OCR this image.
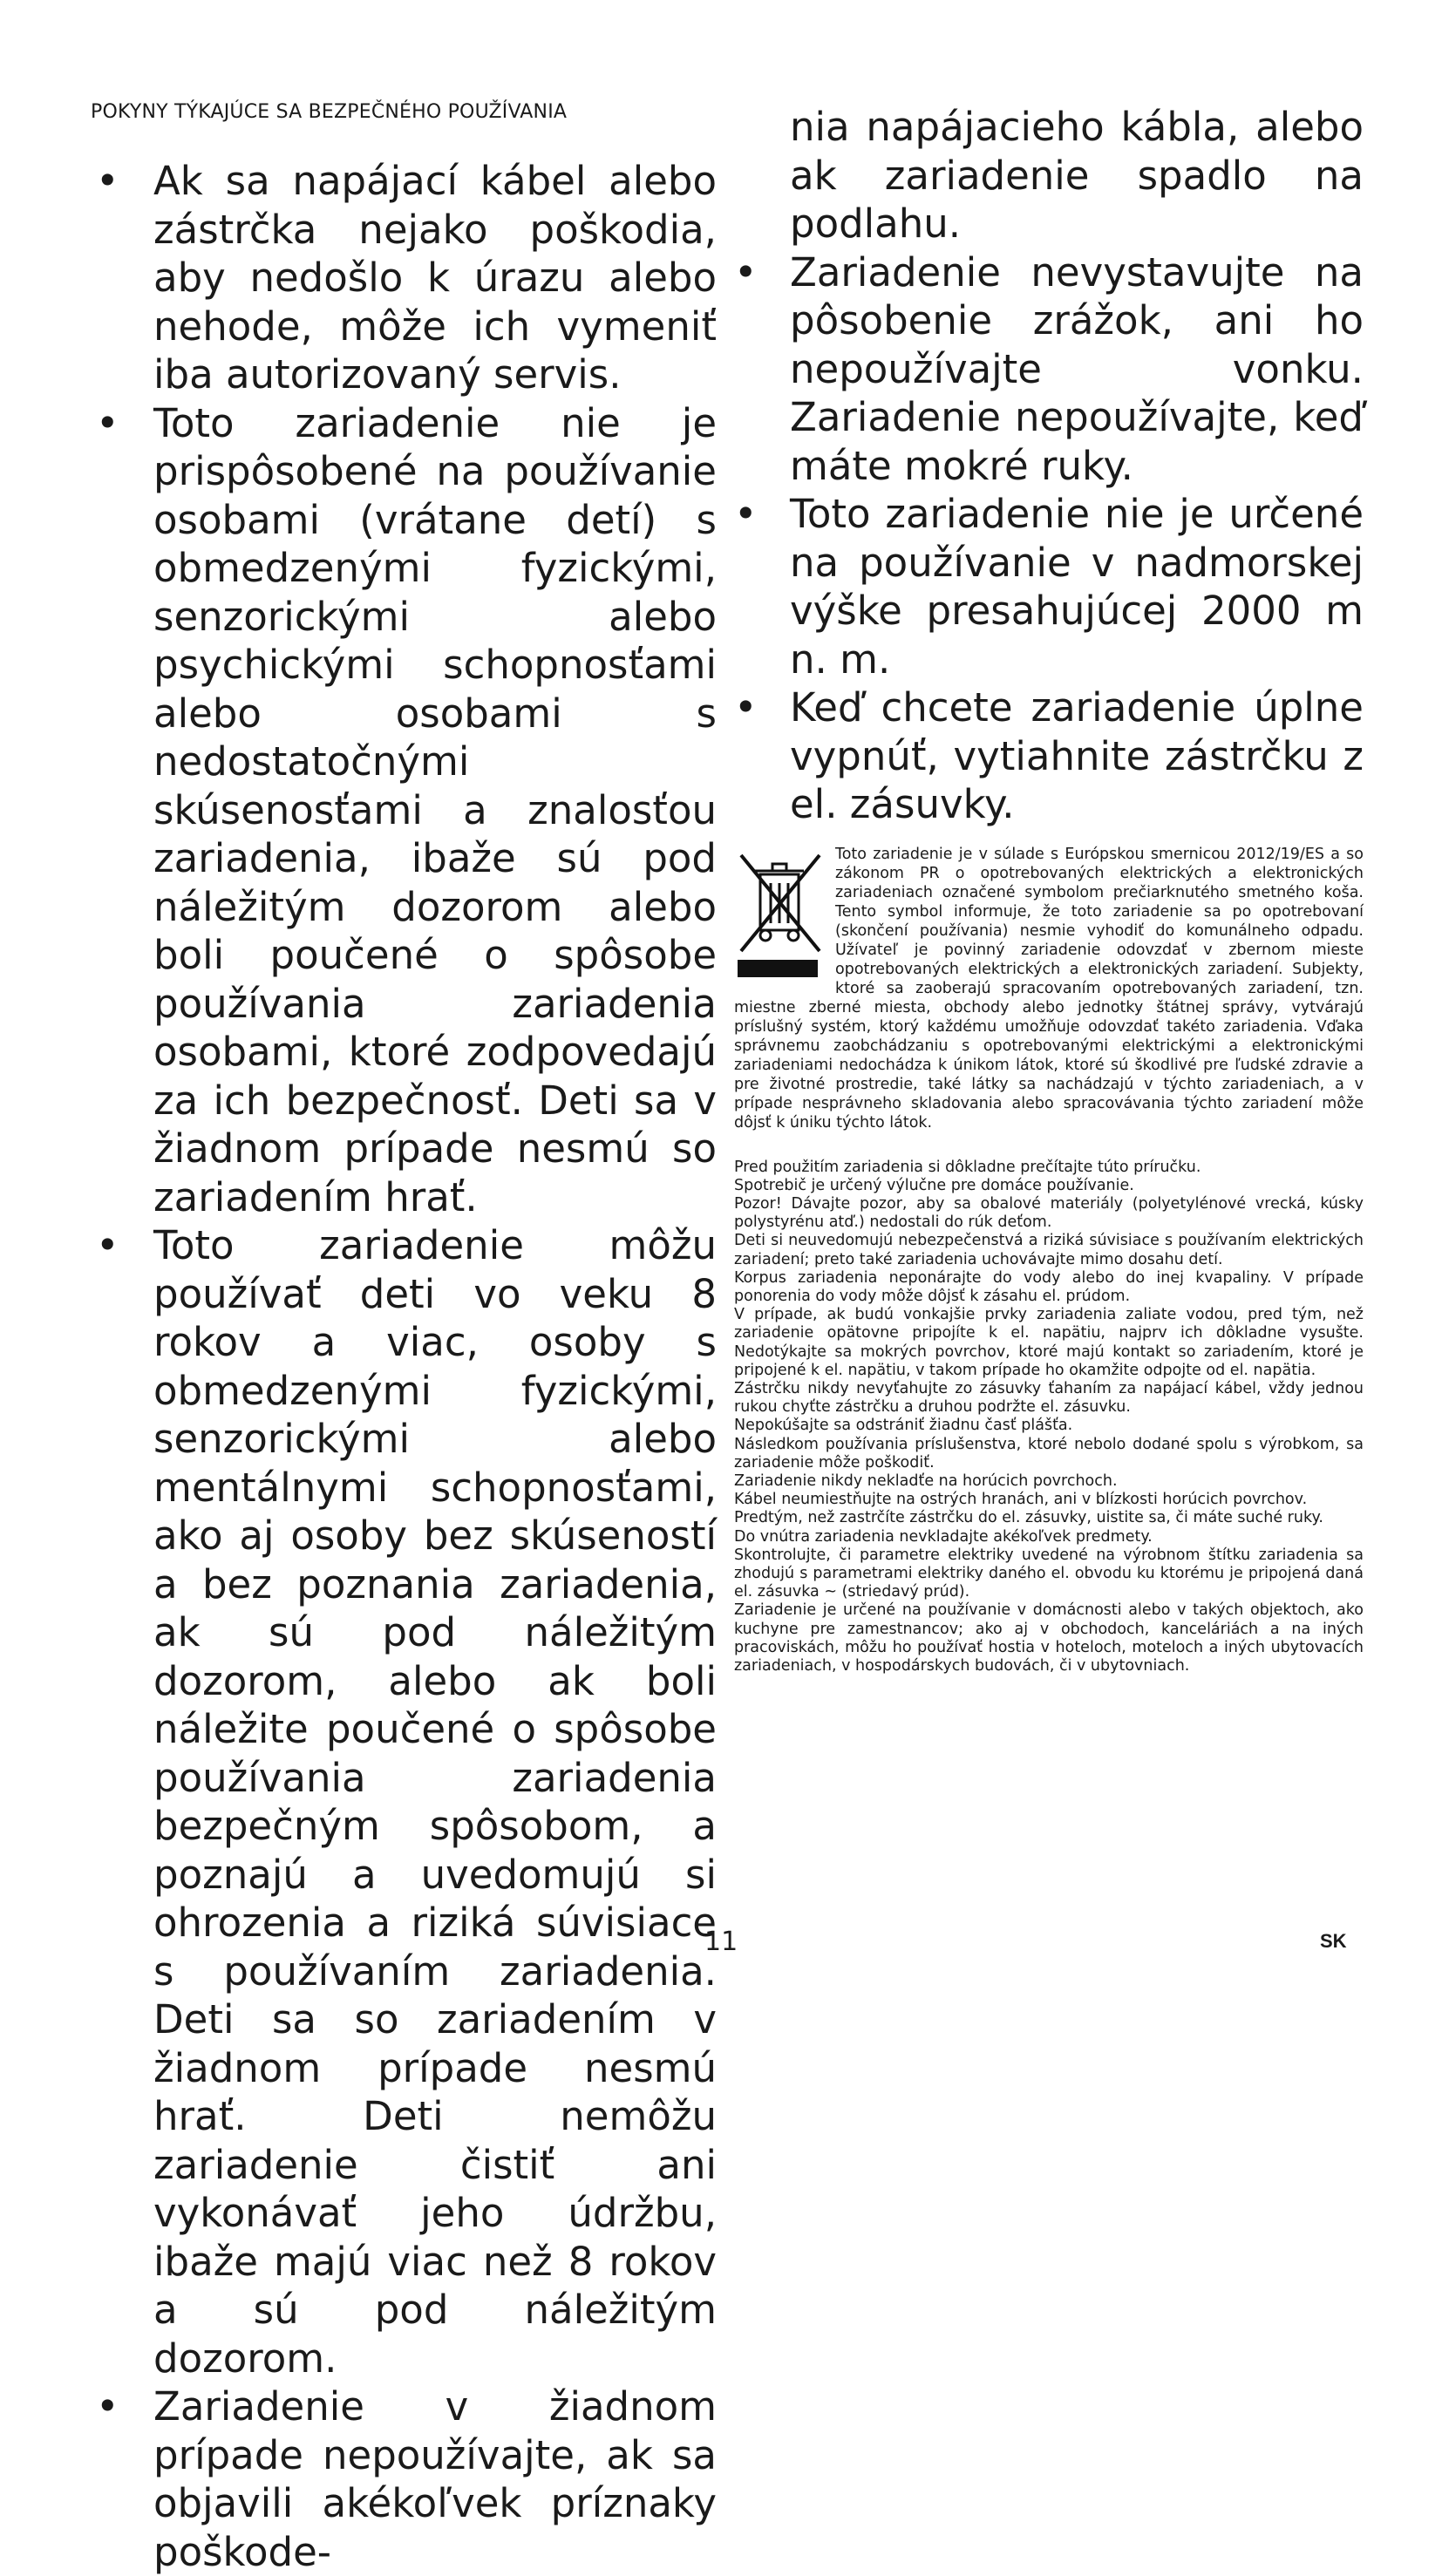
POKYNY TÝKAJÚCE SA BEZPEČNÉHO POUŽÍVANIA
• Ak sa napájací kábel alebo zástrčka nejako poškodia, aby nedošlo k úrazu alebo nehode, môže ich vymeniť iba autorizovaný servis.
• Toto zariadenie nie je prispôsobené na používanie osobami (vrátane detí) s obmedzenými fyzickými, senzorickými alebo psychickými schopnosťami alebo osobami s nedostatočnými skúsenosťami a znalosťou zariadenia, ibaže sú pod náležitým dozorom alebo boli poučené o spôsobe používania zariadenia osobami, ktoré zodpovedajú za ich bezpečnosť. Deti sa v žiadnom prípade nesmú so zariadením hrať.
• Toto zariadenie môžu používať deti vo veku 8 rokov a viac, osoby s obmedzenými fyzickými, senzorickými alebo mentálnymi schopnosťami, ako aj osoby bez skúseností a bez poznania zariadenia, ak sú pod náležitým dozorom, alebo ak boli náležite poučené o spôsobe používania zariadenia bezpečným spôsobom, a poznajú a uvedomujú si ohrozenia a riziká súvisiace s používaním zariadenia. Deti sa so zariadením v žiadnom prípade nesmú hrať. Deti nemôžu zariadenie čistiť ani vykonávať jeho údržbu, ibaže majú viac než 8 rokov a sú pod náležitým dozorom.
• Zariadenie v žiadnom prípade nepoužívajte, ak sa objavili akékoľvek príznaky poškode-
nia napájacieho kábla, alebo ak zariadenie spadlo na podlahu.
• Zariadenie nevystavujte na pôsobenie zrážok, ani ho nepoužívajte vonku. Zariadenie nepoužívajte, keď máte mokré ruky.
• Toto zariadenie nie je určené na používanie v nadmorskej výške presahujúcej 2000 m n. m.
• Keď chcete zariadenie úplne vypnúť, vytiahnite zástrčku z el. zásuvky.

Toto zariadenie je v súlade s Európskou smernicou 2012/19/ES a so zákonom PR o opotrebovaných elektrických a elektronických zariadeniach označené symbolom prečiarknutého smetného koša. Tento symbol informuje, že toto zariadenie sa po opotrebovaní (skončení používania) nesmie vyhodiť do komunálneho odpadu. Užívateľ je povinný zariadenie odovzdať v zbernom mieste opotrebovaných elektrických a elektronických zariadení. Subjekty, ktoré sa zaoberajú spracovaním opotrebovaných zariadení, tzn. miestne zberné miesta, obchody alebo jednotky štátnej správy, vytvárajú príslušný systém, ktorý každému umožňuje odovzdať takéto zariadenia. Vďaka správnemu zaobchádzaniu s opotrebovanými elektrickými a elektronickými zariadeniami nedochádza k únikom látok, ktoré sú škodlivé pre ľudské zdravie a pre životné prostredie, také látky sa nachádzajú v týchto zariadeniach, a v prípade nesprávneho skladovania alebo spracovávania týchto zariadení môže dôjsť k úniku týchto látok.

Pred použitím zariadenia si dôkladne prečítajte túto príručku.

Spotrebič je určený výlučne pre domáce používanie.

Pozor! Dávajte pozor, aby sa obalové materiály (polyetylénové vrecká, kúsky polystyrénu atď.) nedostali do rúk deťom.

Deti si neuvedomujú nebezpečenstvá a riziká súvisiace s používaním elektrických zariadení; preto také zariadenia uchovávajte mimo dosahu detí.

Korpus zariadenia neponárajte do vody alebo do inej kvapaliny. V prípade ponorenia do vody môže dôjsť k zásahu el. prúdom.

V prípade, ak budú vonkajšie prvky zariadenia zaliate vodou, pred tým, než zariadenie opätovne pripojíte k el. napätiu, najprv ich dôkladne vysušte. Nedotýkajte sa mokrých povrchov, ktoré majú kontakt so zariadením, ktoré je pripojené k el. napätiu, v takom prípade ho okamžite odpojte od el. napätia.

Zástrčku nikdy nevyťahujte zo zásuvky ťahaním za napájací kábel, vždy jednou rukou chyťte zástrčku a druhou podržte el. zásuvku.

Nepokúšajte sa odstrániť žiadnu časť plášťa.

Následkom používania príslušenstva, ktoré nebolo dodané spolu s výrobkom, sa zariadenie môže poškodiť.

Zariadenie nikdy nekladťe na horúcich povrchoch.

Kábel neumiestňujte na ostrých hranách, ani v blízkosti horúcich povrchov.

Predtým, než zastrčíte zástrčku do el. zásuvky, uistite sa, či máte suché ruky.

Do vnútra zariadenia nevkladajte akékoľvek predmety.

Skontrolujte, či parametre elektriky uvedené na výrobnom štítku zariadenia sa zhodujú s parametrami elektriky daného el. obvodu ku ktorému je pripojená daná el. zásuvka ~ (striedavý prúd).

Zariadenie je určené na používanie v domácnosti alebo v takých objektoch, ako kuchyne pre zamestnancov; ako aj v obchodoch, kanceláriách a na iných pracoviskách, môžu ho používať hostia v hoteloch, moteloch a iných ubytovacích zariadeniach, v hospodárskych budovách, či v ubytovniach.

11	SK
